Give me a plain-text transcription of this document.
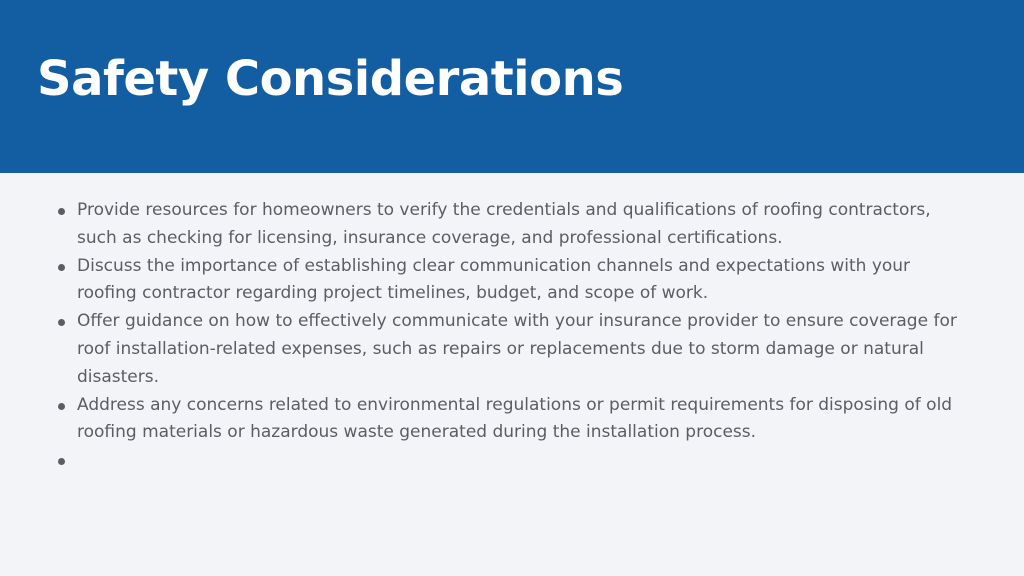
Safety Considerations
Provide resources for homeowners to verify the credentials and qualifications of roofing contractors, such as checking for licensing, insurance coverage, and professional certifications.
Discuss the importance of establishing clear communication channels and expectations with your roofing contractor regarding project timelines, budget, and scope of work.
Offer guidance on how to effectively communicate with your insurance provider to ensure coverage for roof installation-related expenses, such as repairs or replacements due to storm damage or natural disasters.
Address any concerns related to environmental regulations or permit requirements for disposing of old roofing materials or hazardous waste generated during the installation process.
